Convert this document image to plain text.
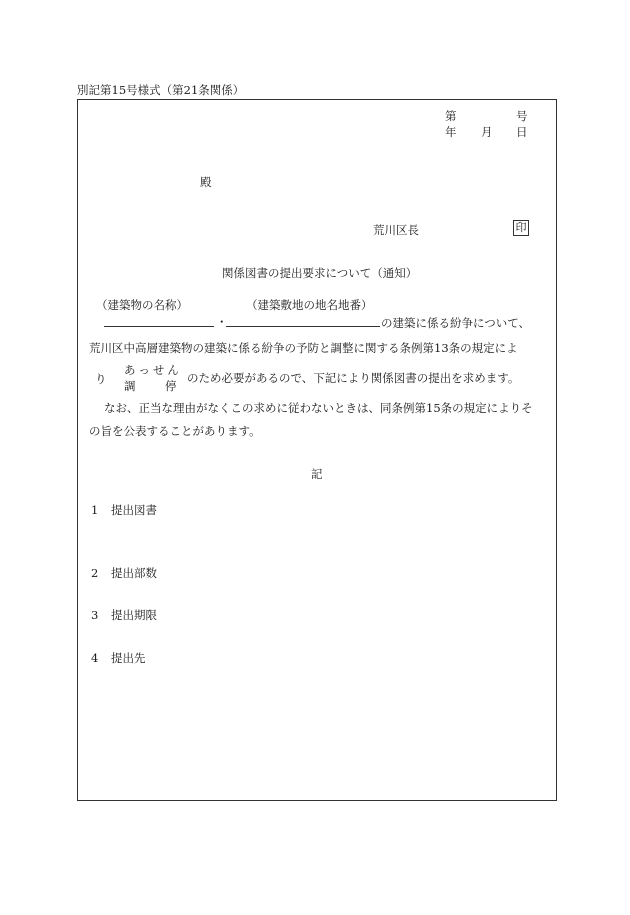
別記第15号様式（第21条関係）
第	号
年 月 日
殿
荒川区長	印
関係図書の提出要求について（通知）
（建築物の名称）	（建築敷地の地名地番）
・	の建築に係る紛争について、
荒川区中高層建築物の建築に係る紛争の予防と調整に関する条例第13条の規定によ
り
あっせん
調	停
のため必要があるので、下記により関係図書の提出を求めます。
なお、正当な理由がなくこの求めに従わないときは、同条例第15条の規定によりそ
の旨を公表することがあります。
記
1 提出図書
2 提出部数
3 提出期限
4 提出先
